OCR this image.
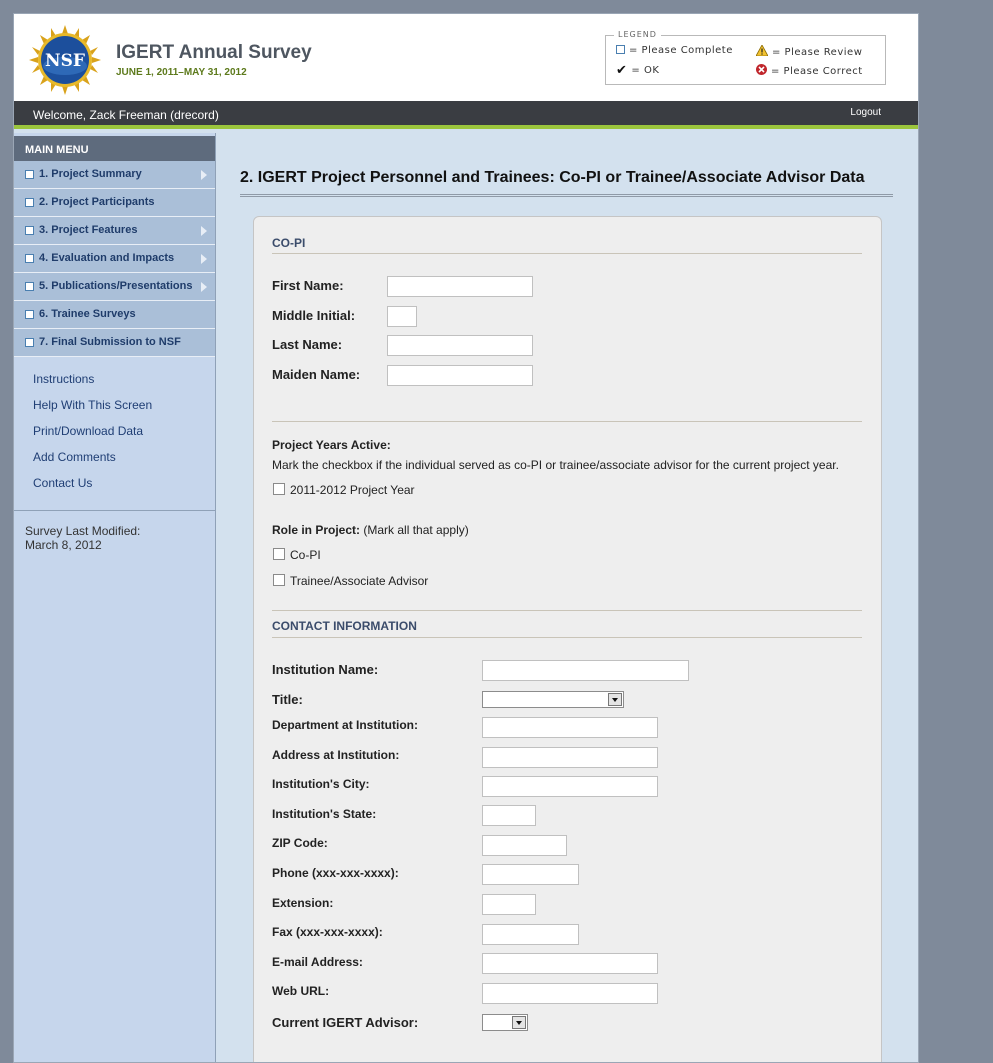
NSF IGERT Annual Survey
JUNE 1, 2011–MAY 31, 2012
LEGEND
= Please Complete	= Please Review
✔ = OK	= Please Correct
Welcome, Zack Freeman (drecord)	Logout
MAIN MENU
1. Project Summary
2. Project Participants
3. Project Features
4. Evaluation and Impacts
5. Publications/Presentations
6. Trainee Surveys
7. Final Submission to NSF
Instructions
Help With This Screen
Print/Download Data
Add Comments
Contact Us
Survey Last Modified:
March 8, 2012
2. IGERT Project Personnel and Trainees: Co-PI or Trainee/Associate Advisor Data
CO-PI
First Name:
Middle Initial:
Last Name:
Maiden Name:
Project Years Active:
Mark the checkbox if the individual served as co-PI or trainee/associate advisor for the current project year.
2011-2012 Project Year
Role in Project: (Mark all that apply)
Co-PI
Trainee/Associate Advisor
CONTACT INFORMATION
Institution Name:
Title:
Department at Institution:
Address at Institution:
Institution's City:
Institution's State:
ZIP Code:
Phone (xxx-xxx-xxxx):
Extension:
Fax (xxx-xxx-xxxx):
E-mail Address:
Web URL:
Current IGERT Advisor:
